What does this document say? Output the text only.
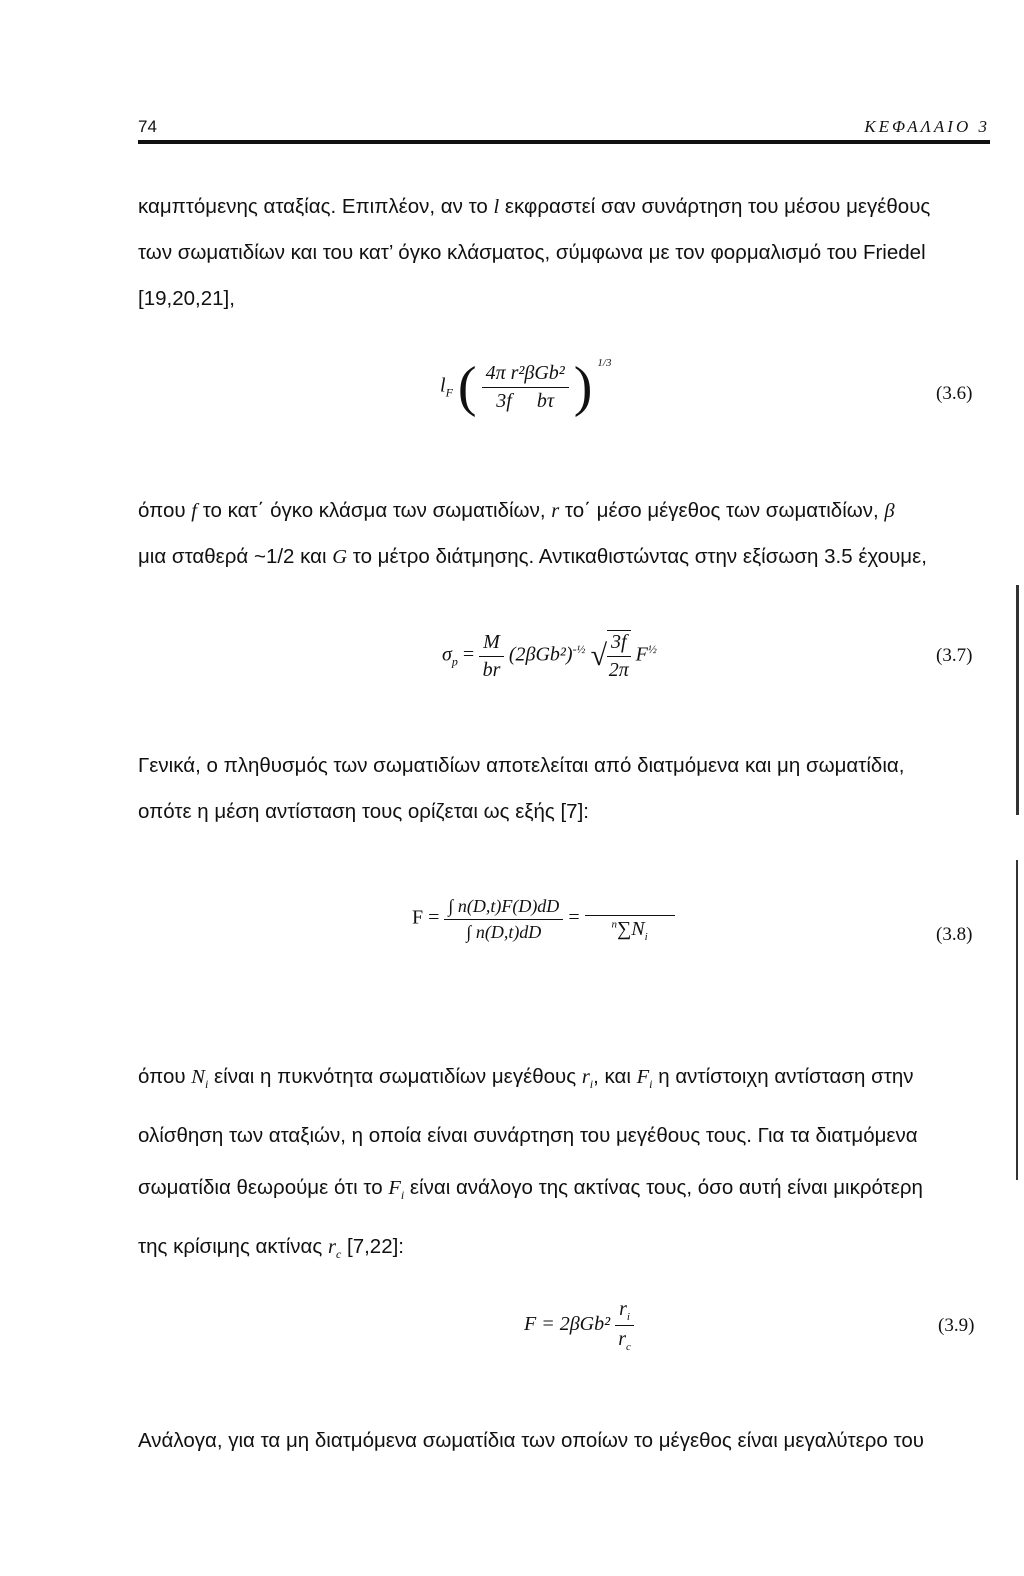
74	ΚΕΦΑΛΑΙΟ 3
καμπτόμενης αταξίας. Επιπλέον, αν το l εκφραστεί σαν συνάρτηση του μέσου μεγέθους
των σωματιδίων και του κατ’ όγκο κλάσματος, σύμφωνα με τον φορμαλισμό του Friedel
[19,20,21],
$l_F$ ( $\frac{\text{4π r²βGb²}}{\text{3f     bτ}}$ ) $^{1/3}$
(3.6)
όπου f το κατ΄ όγκο κλάσμα των σωματιδίων, r το΄ μέσο μέγεθος των σωματιδίων, β
μια σταθερά ~1/2 και G το μέτρο διάτμησης. Αντικαθιστώντας στην εξίσωση 3.5 έχουμε,
$\sigma_p = \frac{M}{br} (2\beta Gb^2)^{-\frac{1}{2}}$ √ $\frac{3f}{2\pi} F^{\frac{1}{2}}$	(3.7)
Γενικά, ο πληθυσμός των σωματιδίων αποτελείται από διατμόμενα και μη σωματίδια,
οπότε η μέση αντίσταση τους ορίζεται ως εξής [7]:
$F = \frac{\int n(D,t)F(D)dD}{\int n(D,t)dD}$ =	$^n\sum N_i$	(3.8)
όπου $N_i$ είναι η πυκνότητα σωματιδίων μεγέθους $r_i$, και $F_i$ η αντίστοιχη αντίσταση στην
ολίσθηση των αταξιών, η οποία είναι συνάρτηση του μεγέθους τους. Για τα διατμόμενα
σωματίδια θεωρούμε ότι το $F_i$ είναι ανάλογο της ακτίνας τους, όσο αυτή είναι μικρότερη
της κρίσιμης ακτίνας $r_c$ [7,22]:
$F = 2\beta Gb^2 \frac{r_i}{r_c}$	(3.9)
Ανάλογα, για τα μη διατμόμενα σωματίδια των οποίων το μέγεθος είναι μεγαλύτερο του
